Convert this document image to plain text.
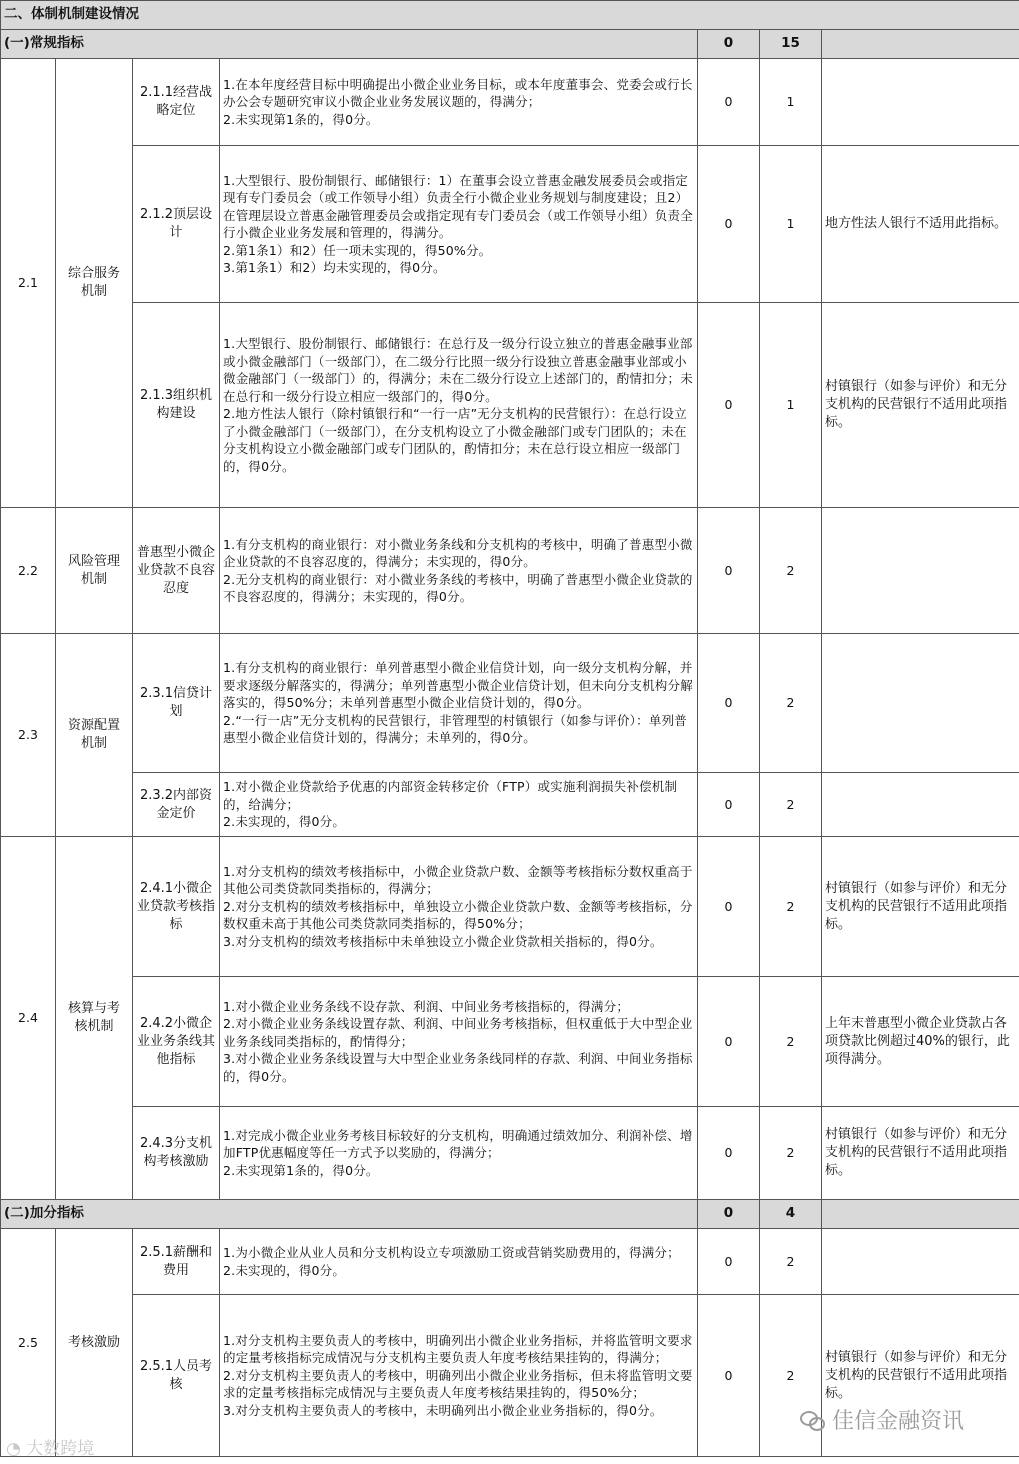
二、体制机制建设情况						
(一)常规指标				0	15	
2.1	综合服务机制	2.1.1经营战略定位	1.在本年度经营目标中明确提出小微企业业务目标，或本年度董事会、党委会或行长办公会专题研究审议小微企业业务发展议题的，得满分；
2.未实现第1条的，得0分。	0	1	
		2.1.2顶层设计	1.大型银行、股份制银行、邮储银行：1）在董事会设立普惠金融发展委员会或指定现有专门委员会（或工作领导小组）负责全行小微企业业务规划与制度建设；且2）在管理层设立普惠金融管理委员会或指定现有专门委员会（或工作领导小组）负责全行小微企业业务发展和管理的，得满分。
2.第1条1）和2）任一项未实现的，得50%分。
3.第1条1）和2）均未实现的，得0分。	0	1	地方性法人银行不适用此指标。
		2.1.3组织机构建设	1.大型银行、股份制银行、邮储银行：在总行及一级分行设立独立的普惠金融事业部或小微金融部门（一级部门），在二级分行比照一级分行设独立普惠金融事业部或小微金融部门（一级部门）的，得满分；未在二级分行设立上述部门的，酌情扣分；未在总行和一级分行设立相应一级部门的，得0分。
2.地方性法人银行（除村镇银行和“一行一店”无分支机构的民营银行）：在总行设立了小微金融部门（一级部门），在分支机构设立了小微金融部门或专门团队的；未在分支机构设立小微金融部门或专门团队的，酌情扣分；未在总行设立相应一级部门的，得0分。	0	1	村镇银行（如参与评价）和无分支机构的民营银行不适用此项指标。
2.2	风险管理机制	普惠型小微企业贷款不良容忍度	1.有分支机构的商业银行：对小微业务条线和分支机构的考核中，明确了普惠型小微企业贷款的不良容忍度的，得满分；未实现的，得0分。
2.无分支机构的商业银行：对小微业务条线的考核中，明确了普惠型小微企业贷款的不良容忍度的，得满分；未实现的，得0分。	0	2	
2.3	资源配置机制	2.3.1信贷计划	1.有分支机构的商业银行：单列普惠型小微企业信贷计划，向一级分支机构分解，并要求逐级分解落实的，得满分；单列普惠型小微企业信贷计划，但未向分支机构分解落实的，得50%分；未单列普惠型小微企业信贷计划的，得0分。
2.“一行一店”无分支机构的民营银行，非管理型的村镇银行（如参与评价）：单列普惠型小微企业信贷计划的，得满分；未单列的，得0分。	0	2	
		2.3.2内部资金定价	1.对小微企业贷款给予优惠的内部资金转移定价（FTP）或实施利润损失补偿机制的，给满分；
2.未实现的，得0分。	0	2	
2.4	核算与考核机制	2.4.1小微企业贷款考核指标	1.对分支机构的绩效考核指标中，小微企业贷款户数、金额等考核指标分数权重高于其他公司类贷款同类指标的，得满分；
2.对分支机构的绩效考核指标中，单独设立小微企业贷款户数、金额等考核指标，分数权重未高于其他公司类贷款同类指标的，得50%分；
3.对分支机构的绩效考核指标中未单独设立小微企业贷款相关指标的，得0分。	0	2	村镇银行（如参与评价）和无分支机构的民营银行不适用此项指标。
		2.4.2小微企业业务条线其他指标	1.对小微企业业务条线不设存款、利润、中间业务考核指标的，得满分；
2.对小微企业业务条线设置存款、利润、中间业务考核指标，但权重低于大中型企业业务条线同类指标的，酌情得分；
3.对小微企业业务条线设置与大中型企业业务条线同样的存款、利润、中间业务指标的，得0分。	0	2	上年末普惠型小微企业贷款占各项贷款比例超过40%的银行，此项得满分。
		2.4.3分支机构考核激励	1.对完成小微企业业务考核目标较好的分支机构，明确通过绩效加分、利润补偿、增加FTP优惠幅度等任一方式予以奖励的，得满分；
2.未实现第1条的，得0分。	0	2	村镇银行（如参与评价）和无分支机构的民营银行不适用此项指标。
(二)加分指标				0	4	
2.5	考核激励	2.5.1薪酬和费用	1.为小微企业从业人员和分支机构设立专项激励工资或营销奖励费用的，得满分；
2.未实现的，得0分。	0	2	
		2.5.1人员考核	1.对分支机构主要负责人的考核中，明确列出小微企业业务指标，并将监管明文要求的定量考核指标完成情况与分支机构主要负责人年度考核结果挂钩的，得满分；
2.对分支机构主要负责人的考核中，明确列出小微企业业务指标，但未将监管明文要求的定量考核指标完成情况与主要负责人年度考核结果挂钩的，得50%分；
3.对分支机构主要负责人的考核中，未明确列出小微企业业务指标的，得0分。	0	2	村镇银行（如参与评价）和无分支机构的民营银行不适用此项指标。
◔ 大数跨境
佳信金融资讯
